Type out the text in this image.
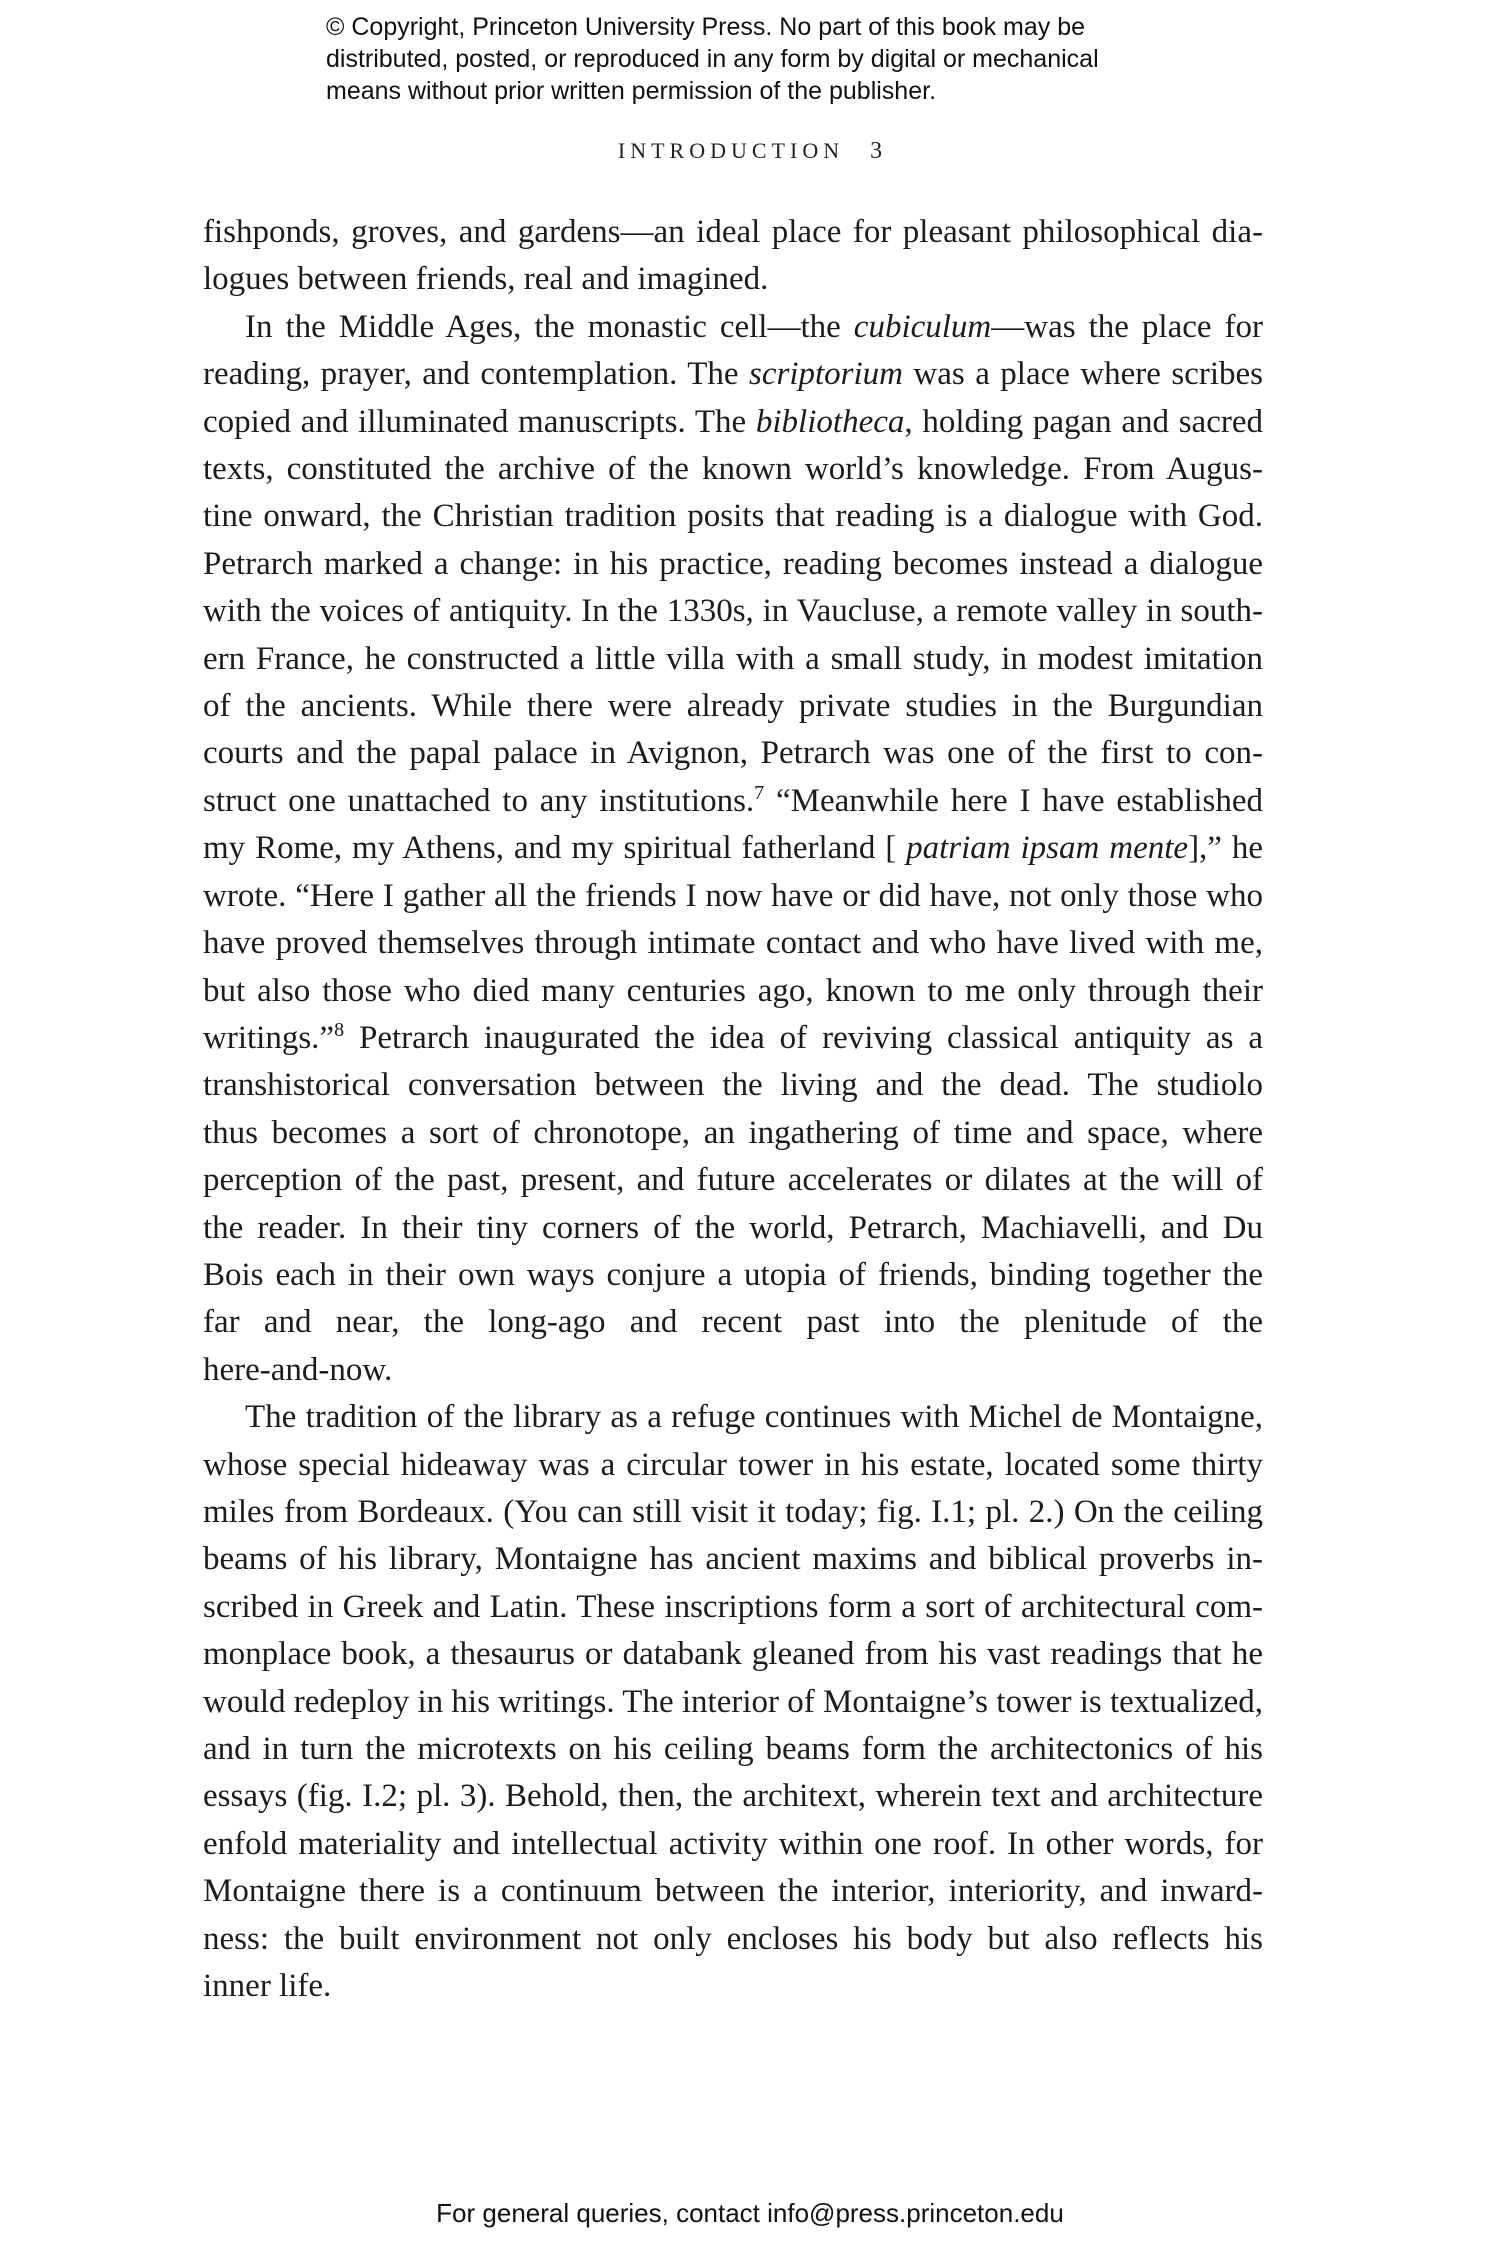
© Copyright, Princeton University Press. No part of this book may be
distributed, posted, or reproduced in any form by digital or mechanical
means without prior written permission of the publisher.
INTRODUCTION 3
fishponds, groves, and gardens—an ideal place for pleasant philosophical dia-
logues between friends, real and imagined.
In the Middle Ages, the monastic cell—the cubiculum—was the place for
reading, prayer, and contemplation. The scriptorium was a place where scribes
copied and illuminated manuscripts. The bibliotheca, holding pagan and sacred
texts, constituted the archive of the known world’s knowledge. From Augus-
tine onward, the Christian tradition posits that reading is a dialogue with God.
Petrarch marked a change: in his practice, reading becomes instead a dialogue
with the voices of antiquity. In the 1330s, in Vaucluse, a remote valley in south-
ern France, he constructed a little villa with a small study, in modest imitation
of the ancients. While there were already private studies in the Burgundian
courts and the papal palace in Avignon, Petrarch was one of the first to con-
struct one unattached to any institutions.$^7$ “Meanwhile here I have established
my Rome, my Athens, and my spiritual fatherland [ patriam ipsam mente],” he
wrote. “Here I gather all the friends I now have or did have, not only those who
have proved themselves through intimate contact and who have lived with me,
but also those who died many centuries ago, known to me only through their
writings.”$^8$ Petrarch inaugurated the idea of reviving classical antiquity as a
transhistorical conversation between the living and the dead. The studiolo
thus becomes a sort of chronotope, an ingathering of time and space, where
perception of the past, present, and future accelerates or dilates at the will of
the reader. In their tiny corners of the world, Petrarch, Machiavelli, and Du
Bois each in their own ways conjure a utopia of friends, binding together the
far and near, the long-ago and recent past into the plenitude of the
here-and-now.
The tradition of the library as a refuge continues with Michel de Montaigne,
whose special hideaway was a circular tower in his estate, located some thirty
miles from Bordeaux. (You can still visit it today; fig. I.1; pl. 2.) On the ceiling
beams of his library, Montaigne has ancient maxims and biblical proverbs in-
scribed in Greek and Latin. These inscriptions form a sort of architectural com-
monplace book, a thesaurus or databank gleaned from his vast readings that he
would redeploy in his writings. The interior of Montaigne’s tower is textualized,
and in turn the microtexts on his ceiling beams form the architectonics of his
essays (fig. I.2; pl. 3). Behold, then, the architext, wherein text and architecture
enfold materiality and intellectual activity within one roof. In other words, for
Montaigne there is a continuum between the interior, interiority, and inward-
ness: the built environment not only encloses his body but also reflects his
inner life.
For general queries, contact info@press.princeton.edu
